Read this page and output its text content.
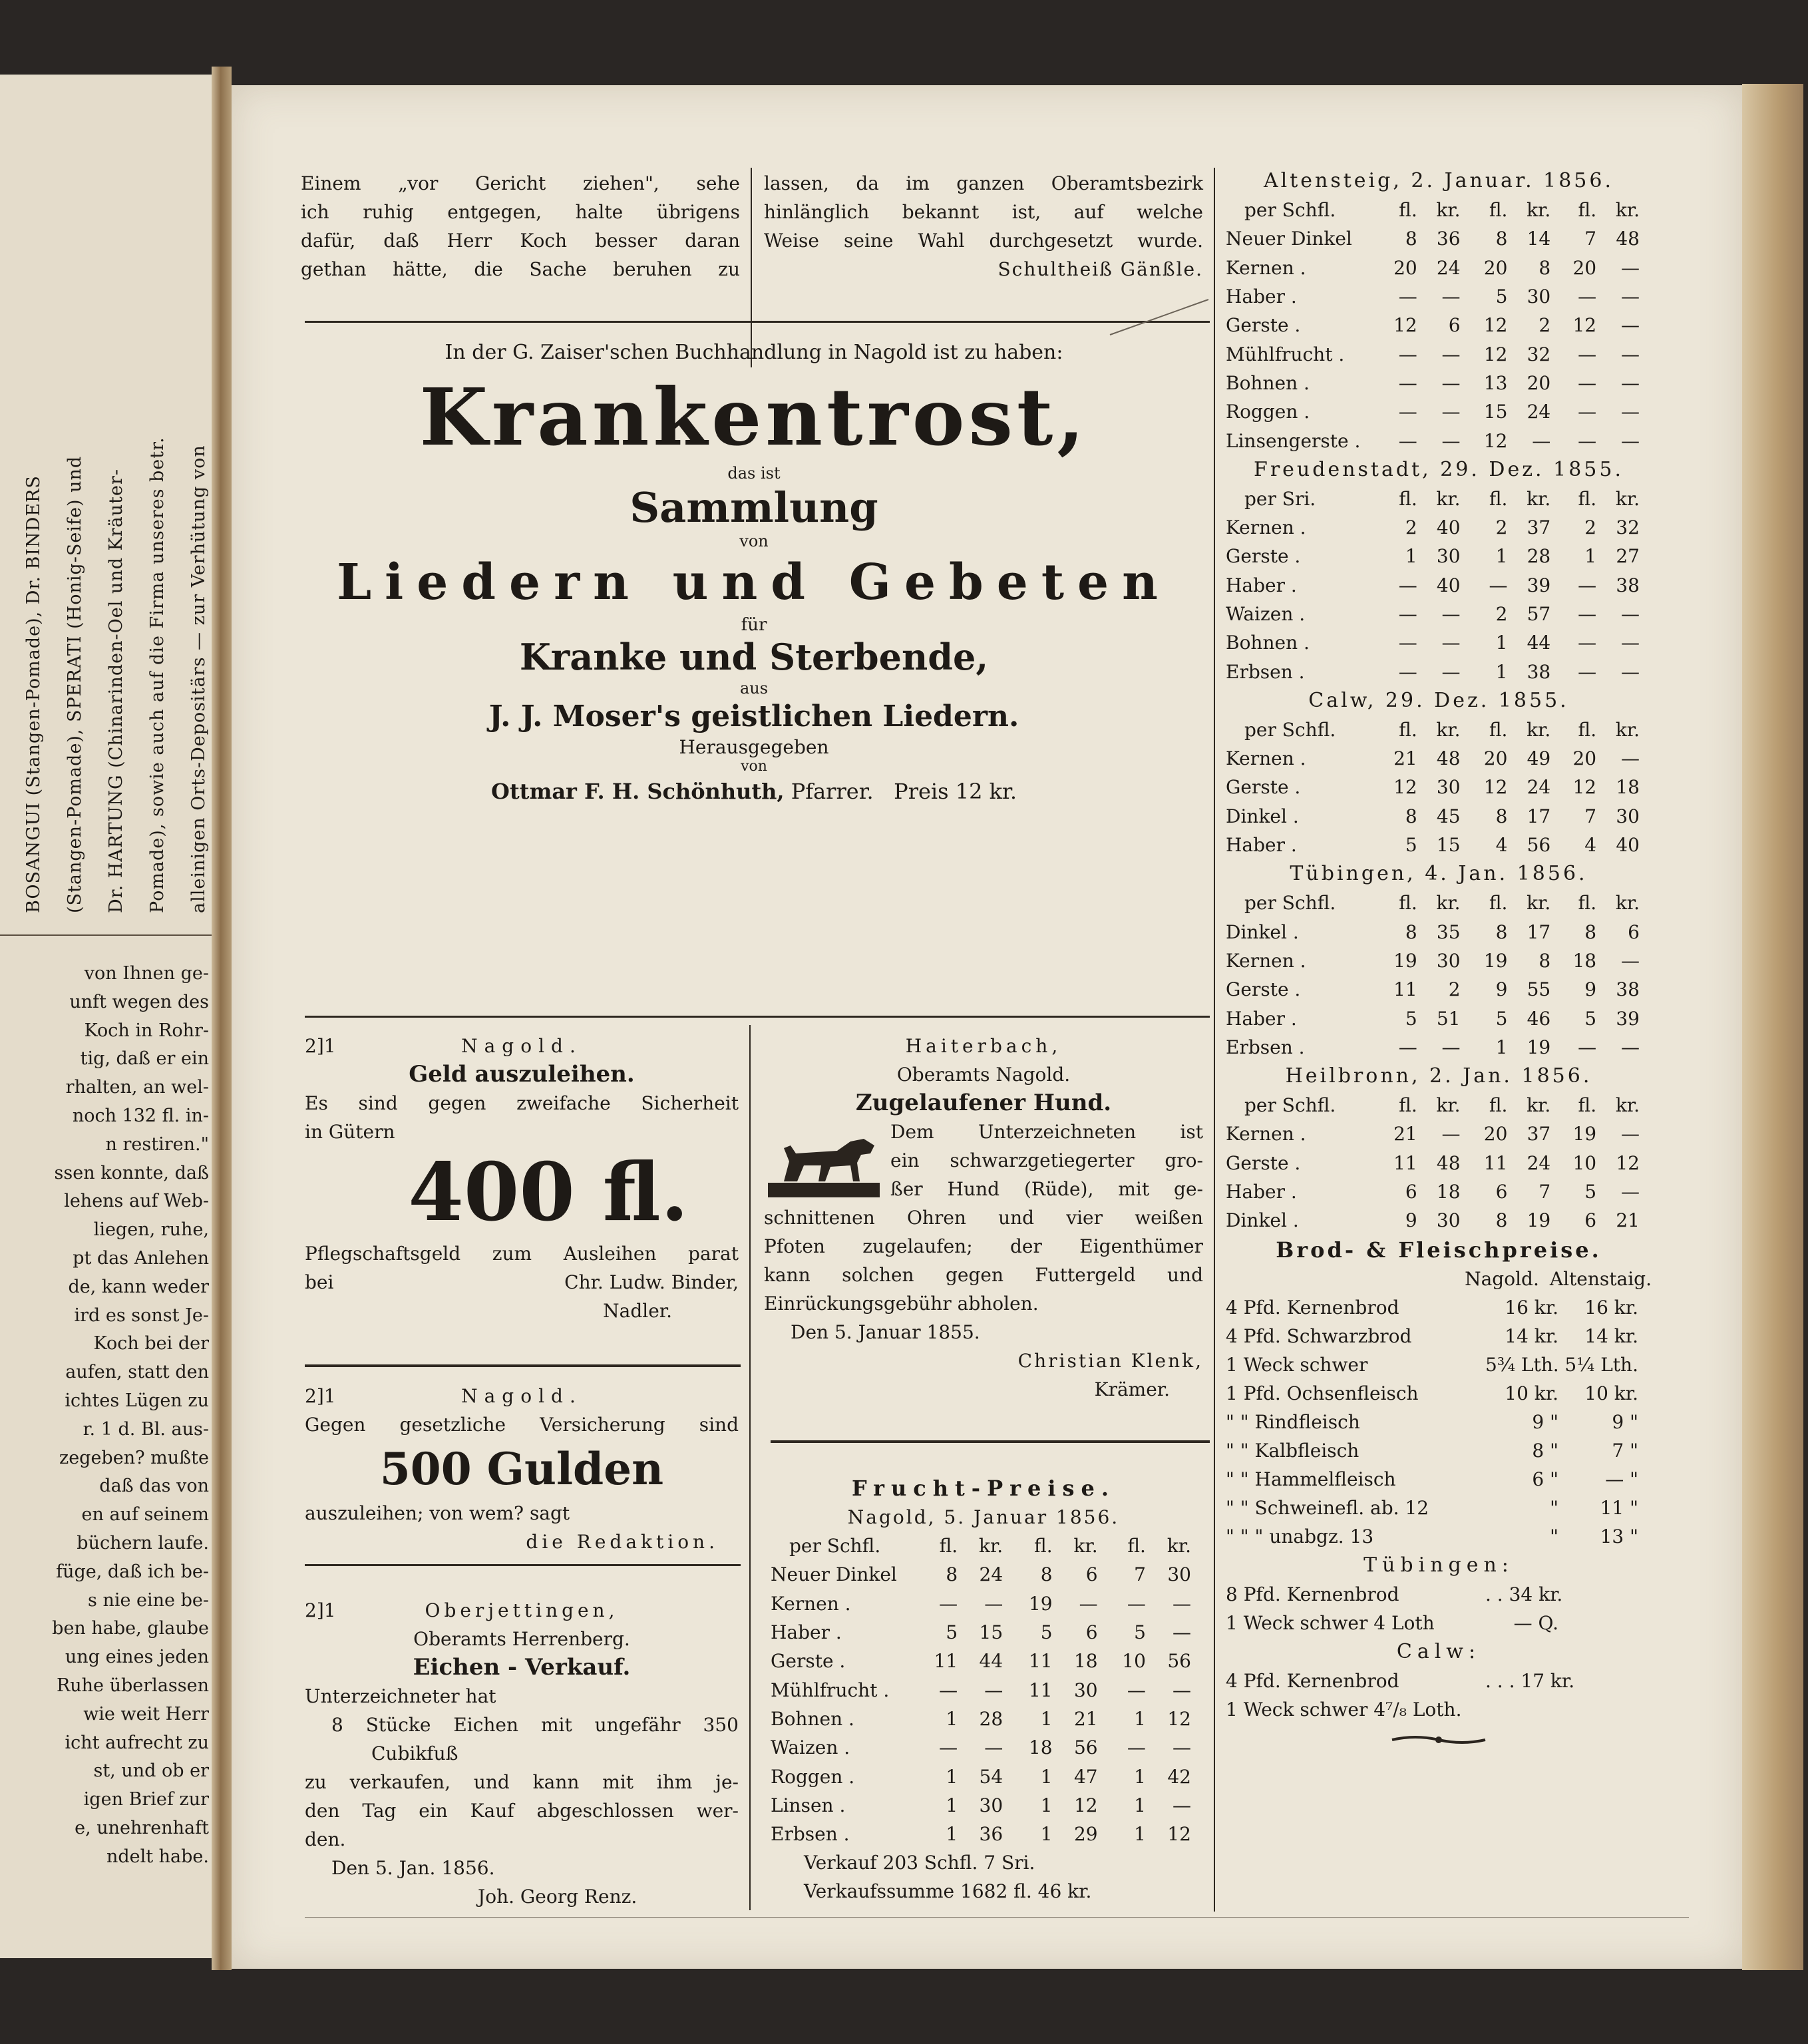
BOSANGUI (Stangen-Pomade), Dr. BINDERS	(Stangen-Pomade), SPERATI (Honig-Seife) und	Dr. HARTUNG (Chinarinden-Oel und Kräuter-	Pomade), sowie auch auf die Firma unseres betr.	alleinigen Orts-Depositärs — zur Verhütung von
von Ihnen ge-
unft wegen des
Koch in Rohr-
tig, daß er ein
rhalten, an wel-
noch 132 fl. in-
n restiren."
ssen konnte, daß
lehens auf Web-
liegen, ruhe,
pt das Anlehen
de, kann weder
ird es sonst Je-
Koch bei der
aufen, statt den
ichtes Lügen zu
r. 1 d. Bl. aus-
zegeben? mußte
daß das von
en auf seinem
büchern laufe.
füge, daß ich be-
s nie eine be-
ben habe, glaube
ung eines jeden
Ruhe überlassen
wie weit Herr
icht aufrecht zu
st, und ob er
igen Brief zur
e, unehrenhaft
ndelt habe.
Einem „vor Gericht ziehen", sehe
ich ruhig entgegen, halte übrigens
dafür, daß Herr Koch besser daran
gethan hätte, die Sache beruhen zu
lassen, da im ganzen Oberamtsbezirk
hinlänglich bekannt ist, auf welche
Weise seine Wahl durchgesetzt wurde.
Schultheiß Gänßle.
In der G. Zaiser'schen Buchhandlung in Nagold ist zu haben:
Krankentrost,
das ist
Sammlung
von
Liedern und Gebeten
für
Kranke und Sterbende,
aus
J. J. Moser's geistlichen Liedern.
Herausgegeben
von
Ottmar F. H. Schönhuth, Pfarrer. Preis 12 kr.
2]1	Nagold.
Geld auszuleihen.
Es sind gegen zweifache Sicherheit
in Gütern
400 fl.
Pflegschaftsgeld zum Ausleihen parat
bei	Chr. Ludw. Binder,
Nadler.
2]1	Nagold.
Gegen gesetzliche Versicherung sind
500 Gulden
auszuleihen; von wem? sagt
die Redaktion.
2]1	Oberjettingen,
Oberamts Herrenberg.
Eichen - Verkauf.
Unterzeichneter hat
8 Stücke Eichen mit ungefähr 350
Cubikfuß
zu verkaufen, und kann mit ihm je-
den Tag ein Kauf abgeschlossen wer-
den.
Den 5. Jan. 1856.
Joh. Georg Renz.
Haiterbach,
Oberamts Nagold.
Zugelaufener Hund.
Dem Unterzeichneten ist
ein schwarzgetiegerter gro-
ßer Hund (Rüde), mit ge-
schnittenen Ohren und vier weißen
Pfoten zugelaufen; der Eigenthümer
kann solchen gegen Futtergeld und
Einrückungsgebühr abholen.
Den 5. Januar 1855.
Christian Klenk,
Krämer.
Frucht-Preise.
Nagold, 5. Januar 1856.
per Schfl.	fl.	kr.	fl.	kr.	fl.	kr.
Neuer Dinkel	8	24	8	6	7	30
Kernen .	—	—	19	—	—	—
Haber .	5	15	5	6	5	—
Gerste .	11	44	11	18	10	56
Mühlfrucht .	—	—	11	30	—	—
Bohnen .	1	28	1	21	1	12
Waizen .	—	—	18	56	—	—
Roggen .	1	54	1	47	1	42
Linsen .	1	30	1	12	1	—
Erbsen .	1	36	1	29	1	12
Verkauf 203 Schfl. 7 Sri.
Verkaufssumme 1682 fl. 46 kr.
Altensteig, 2. Januar. 1856.
per Schfl.	fl.	kr.	fl.	kr.	fl.	kr.
Neuer Dinkel	8	36	8	14	7	48
Kernen .	20	24	20	8	20	—
Haber .	—	—	5	30	—	—
Gerste .	12	6	12	2	12	—
Mühlfrucht .	—	—	12	32	—	—
Bohnen .	—	—	13	20	—	—
Roggen .	—	—	15	24	—	—
Linsengerste .	—	—	12	—	—	—
Freudenstadt, 29. Dez. 1855.
per Sri.	fl.	kr.	fl.	kr.	fl.	kr.
Kernen .	2	40	2	37	2	32
Gerste .	1	30	1	28	1	27
Haber .	—	40	—	39	—	38
Waizen .	—	—	2	57	—	—
Bohnen .	—	—	1	44	—	—
Erbsen .	—	—	1	38	—	—
Calw, 29. Dez. 1855.
per Schfl.	fl.	kr.	fl.	kr.	fl.	kr.
Kernen .	21	48	20	49	20	—
Gerste .	12	30	12	24	12	18
Dinkel .	8	45	8	17	7	30
Haber .	5	15	4	56	4	40
Tübingen, 4. Jan. 1856.
per Schfl.	fl.	kr.	fl.	kr.	fl.	kr.
Dinkel .	8	35	8	17	8	6
Kernen .	19	30	19	8	18	—
Gerste .	11	2	9	55	9	38
Haber .	5	51	5	46	5	39
Erbsen .	—	—	1	19	—	—
Heilbronn, 2. Jan. 1856.
per Schfl.	fl.	kr.	fl.	kr.	fl.	kr.
Kernen .	21	—	20	37	19	—
Gerste .	11	48	11	24	10	12
Haber .	6	18	6	7	5	—
Dinkel .	9	30	8	19	6	21
Brod- & Fleischpreise.
Nagold. Altenstaig.
4 Pfd. Kernenbrod	16 kr.	16 kr.
4 Pfd. Schwarzbrod	14 kr.	14 kr.
1 Weck schwer	5¾ Lth. 5¼ Lth.
1 Pfd. Ochsenfleisch	10 kr.	10 kr.
" " Rindfleisch	9 "	9 "
" " Kalbfleisch	8 "	7 "
" " Hammelfleisch	6 "	— "
" " Schweinefl. ab. 12	"	11 "
" " " unabgz. 13	"	13 "
Tübingen:
8 Pfd. Kernenbrod	. . 34 kr.
1 Weck schwer 4 Loth	— Q.
Calw:
4 Pfd. Kernenbrod	. . . 17 kr.
1 Weck schwer 4⁷/₈ Loth.
